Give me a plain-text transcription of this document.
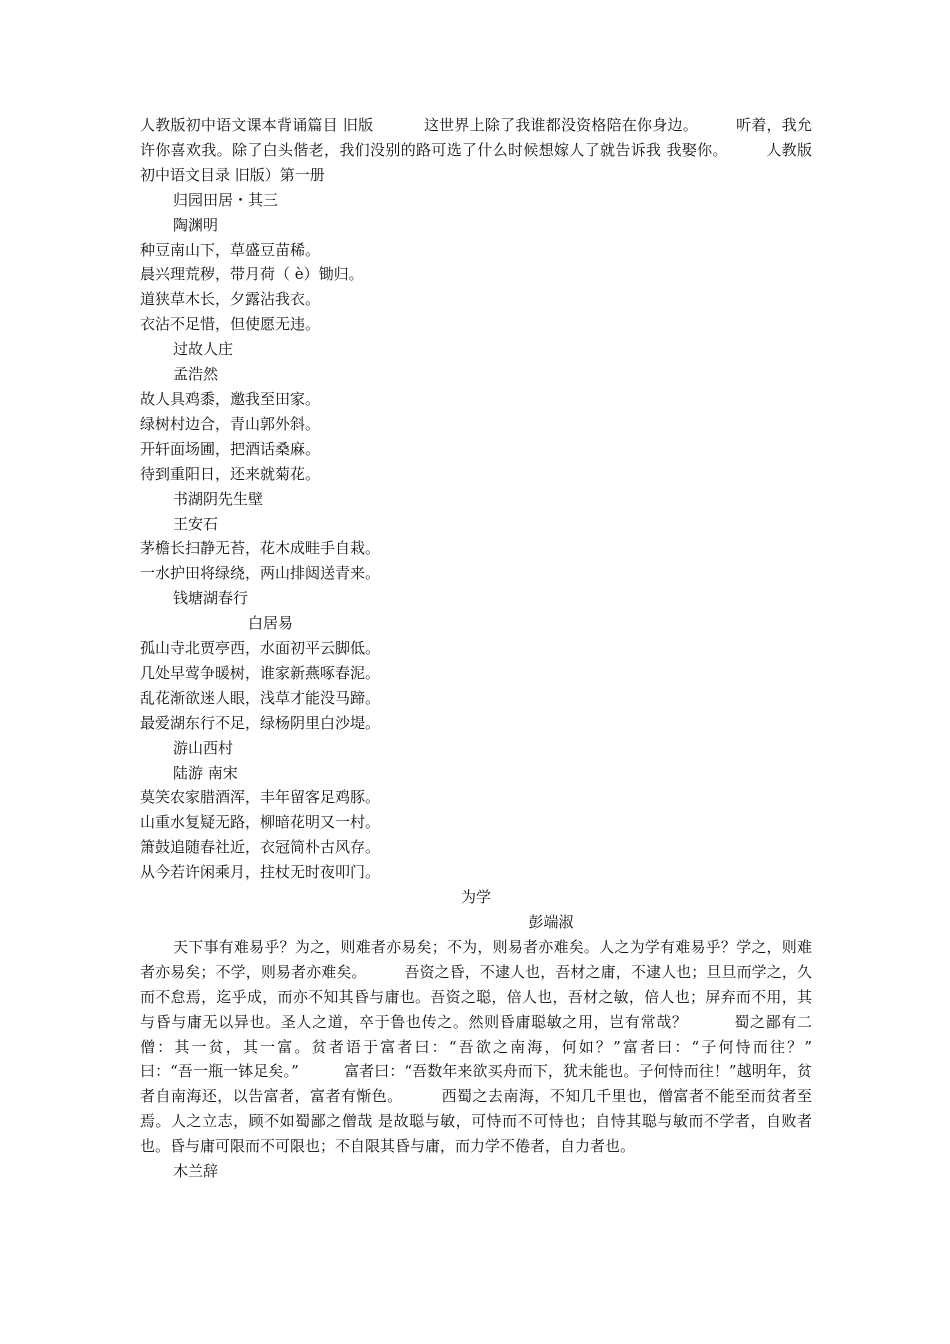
人教版初中语文课本背诵篇目 旧版 　　　这世界上除了我谁都没资格陪在你身边。　　　听着，我允许你喜欢我。除了白头偕老，我们没别的路可选了什么时候想嫁人了就告诉我 我娶你。　　　人教版初中语文目录 旧版）第一册

归园田居・其三

陶渊明

种豆南山下，草盛豆苗稀。

晨兴理荒秽，带月荷（ è）锄归。

道狭草木长，夕露沾我衣。

衣沾不足惜，但使愿无违。

过故人庄

孟浩然

故人具鸡黍，邀我至田家。

绿树村边合，青山郭外斜。

开轩面场圃，把酒话桑麻。

待到重阳日，还来就菊花。

书湖阴先生壁

王安石

茅檐长扫静无苔，花木成畦手自栽。

一水护田将绿绕，两山排闼送青来。

钱塘湖春行

白居易

孤山寺北贾亭西，水面初平云脚低。

几处早莺争暖树，谁家新燕啄春泥。

乱花渐欲迷人眼，浅草才能没马蹄。

最爱湖东行不足，绿杨阴里白沙堤。

游山西村

陆游 南宋

莫笑农家腊酒浑，丰年留客足鸡豚。

山重水复疑无路，柳暗花明又一村。

箫鼓追随春社近，衣冠简朴古风存。

从今若许闲乘月，拄杖无时夜叩门。

为学

彭端淑

天下事有难易乎？为之，则难者亦易矣；不为，则易者亦难矣。人之为学有难易乎？学之，则难者亦易矣；不学，则易者亦难矣。　　　吾资之昏，不逮人也，吾材之庸，不逮人也；旦旦而学之，久而不怠焉，迄乎成，而亦不知其昏与庸也。吾资之聪，倍人也，吾材之敏，倍人也；屏弃而不用，其与昏与庸无以异也。圣人之道，卒于鲁也传之。然则昏庸聪敏之用，岂有常哉？　　　蜀之鄙有二僧：其一贫，其一富。贫者语于富者曰：“吾欲之南海，何如？”富者曰：“子何恃而往？”　　　曰：“吾一瓶一钵足矣。”　　　富者曰：“吾数年来欲买舟而下，犹未能也。子何恃而往！”越明年，贫者自南海还，以告富者，富者有惭色。　　　西蜀之去南海，不知几千里也，僧富者不能至而贫者至焉。人之立志，顾不如蜀鄙之僧哉 是故聪与敏，可恃而不可恃也；自恃其聪与敏而不学者，自败者也。昏与庸可限而不可限也；不自限其昏与庸，而力学不倦者，自力者也。

木兰辞
